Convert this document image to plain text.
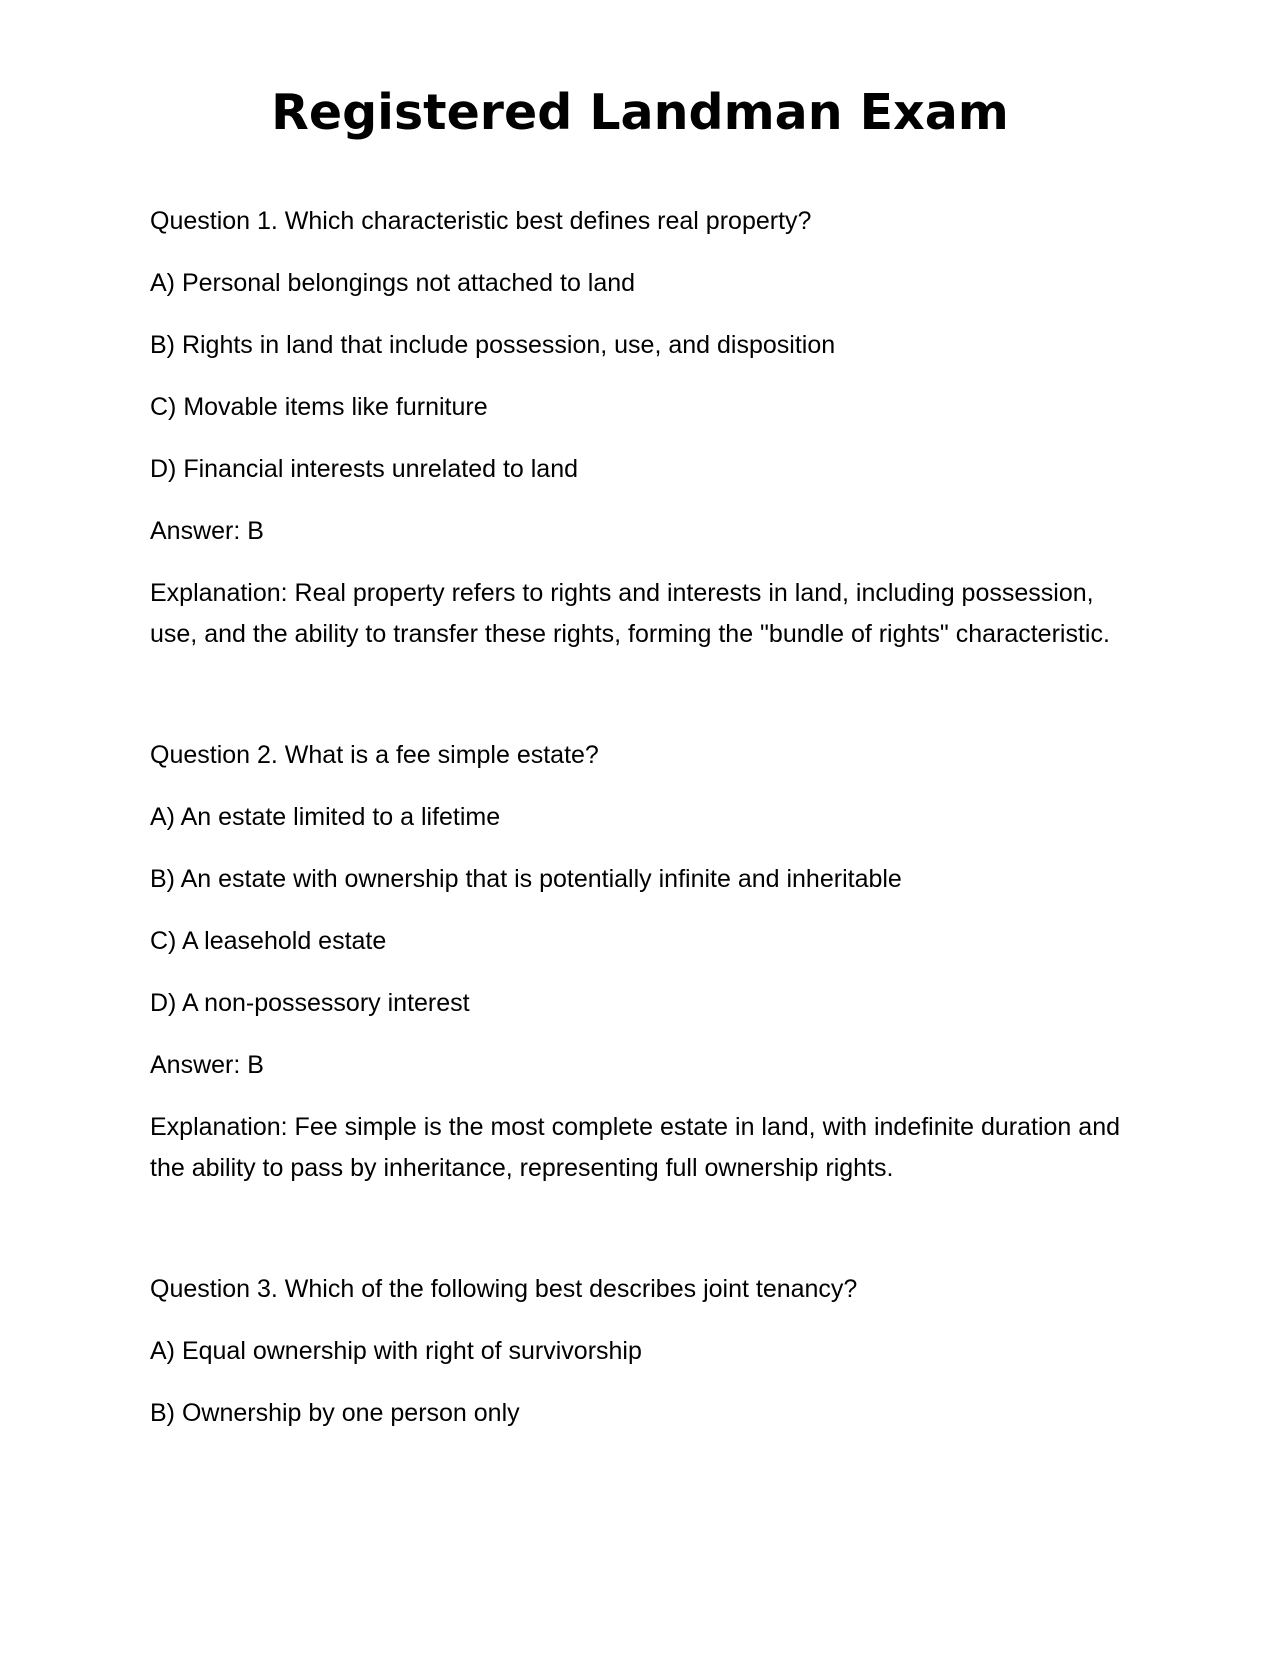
Registered Landman Exam

Question 1. Which characteristic best defines real property?

A) Personal belongings not attached to land

B) Rights in land that include possession, use, and disposition

C) Movable items like furniture

D) Financial interests unrelated to land

Answer: B

Explanation: Real property refers to rights and interests in land, including possession, use, and the ability to transfer these rights, forming the "bundle of rights" characteristic.

Question 2. What is a fee simple estate?

A) An estate limited to a lifetime

B) An estate with ownership that is potentially infinite and inheritable

C) A leasehold estate

D) A non-possessory interest

Answer: B

Explanation: Fee simple is the most complete estate in land, with indefinite duration and the ability to pass by inheritance, representing full ownership rights.

Question 3. Which of the following best describes joint tenancy?

A) Equal ownership with right of survivorship

B) Ownership by one person only
